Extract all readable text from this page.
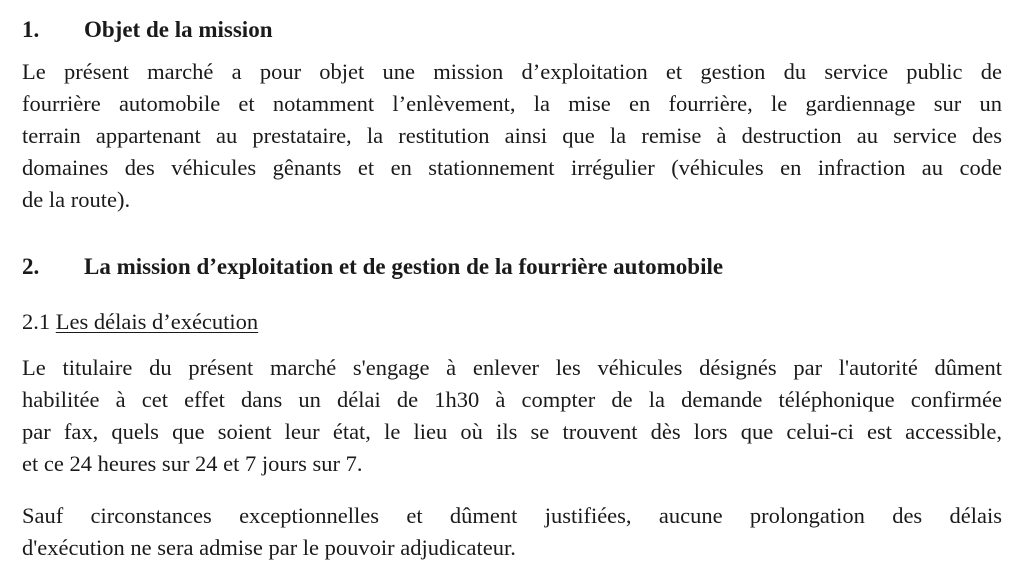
1. Objet de la mission
Le présent marché a pour objet une mission d’exploitation et gestion du service public de
fourrière automobile et notamment l’enlèvement, la mise en fourrière, le gardiennage sur un
terrain appartenant au prestataire, la restitution ainsi que la remise à destruction au service des
domaines des véhicules gênants et en stationnement irrégulier (véhicules en infraction au code
de la route).
2. La mission d’exploitation et de gestion de la fourrière automobile
2.1 Les délais d’exécution
Le titulaire du présent marché s'engage à enlever les véhicules désignés par l'autorité dûment
habilitée à cet effet dans un délai de 1h30 à compter de la demande téléphonique confirmée
par fax, quels que soient leur état, le lieu où ils se trouvent dès lors que celui-ci est accessible,
et ce 24 heures sur 24 et 7 jours sur 7.
Sauf circonstances exceptionnelles et dûment justifiées, aucune prolongation des délais
d'exécution ne sera admise par le pouvoir adjudicateur.
